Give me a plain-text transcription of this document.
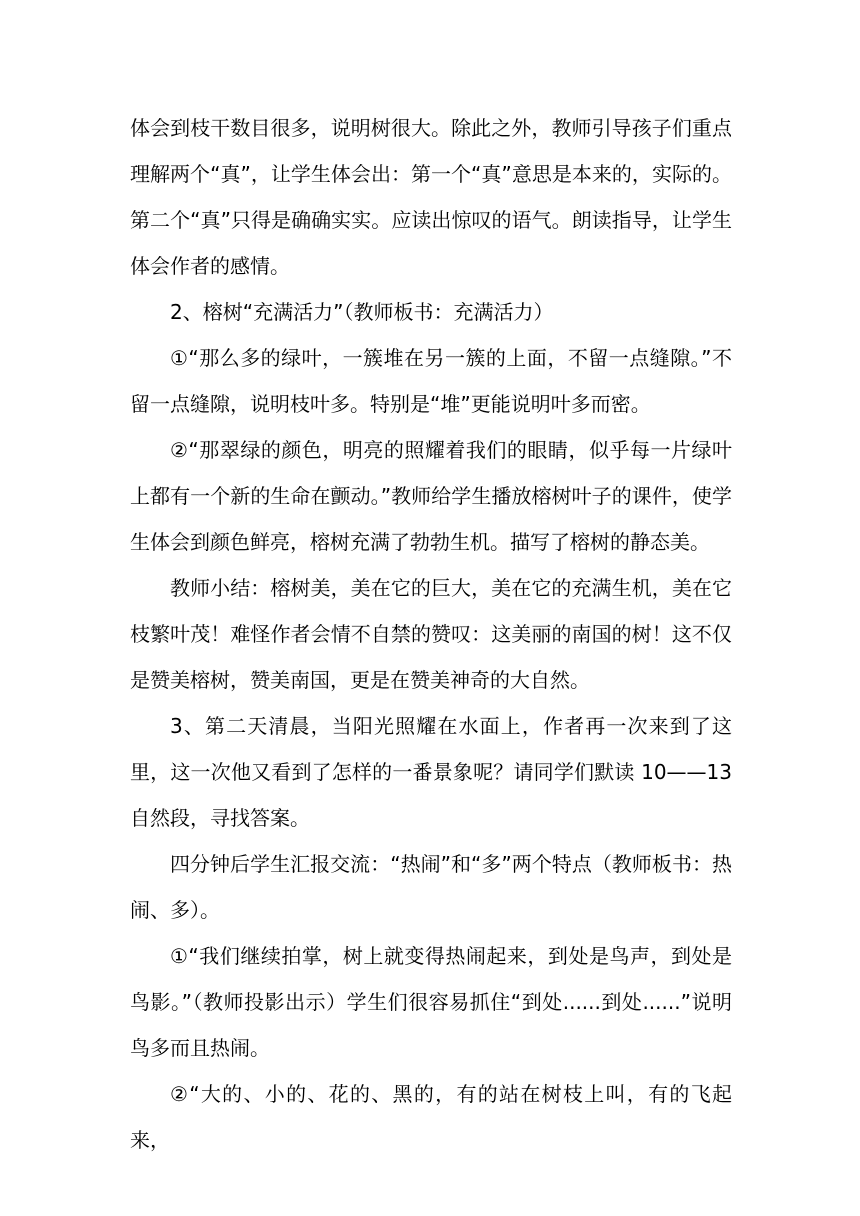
体会到枝干数目很多，说明树很大。除此之外，教师引导孩子们重点理解两个“真”，让学生体会出：第一个“真”意思是本来的，实际的。第二个“真”只得是确确实实。应读出惊叹的语气。朗读指导，让学生体会作者的感情。

2、榕树“充满活力”（教师板书：充满活力）

①“那么多的绿叶，一簇堆在另一簇的上面，不留一点缝隙。”不留一点缝隙，说明枝叶多。特别是“堆”更能说明叶多而密。

②“那翠绿的颜色，明亮的照耀着我们的眼睛，似乎每一片绿叶上都有一个新的生命在颤动。”教师给学生播放榕树叶子的课件，使学生体会到颜色鲜亮，榕树充满了勃勃生机。描写了榕树的静态美。

教师小结：榕树美，美在它的巨大，美在它的充满生机，美在它枝繁叶茂！难怪作者会情不自禁的赞叹：这美丽的南国的树！这不仅是赞美榕树，赞美南国，更是在赞美神奇的大自然。

3、第二天清晨，当阳光照耀在水面上，作者再一次来到了这里，这一次他又看到了怎样的一番景象呢？请同学们默读 10——13 自然段，寻找答案。

四分钟后学生汇报交流：“热闹”和“多”两个特点（教师板书：热闹、多）。

①“我们继续拍掌，树上就变得热闹起来，到处是鸟声，到处是鸟影。”（教师投影出示）学生们很容易抓住“到处......到处......”说明鸟多而且热闹。

②“大的、小的、花的、黑的，有的站在树枝上叫，有的飞起来，
